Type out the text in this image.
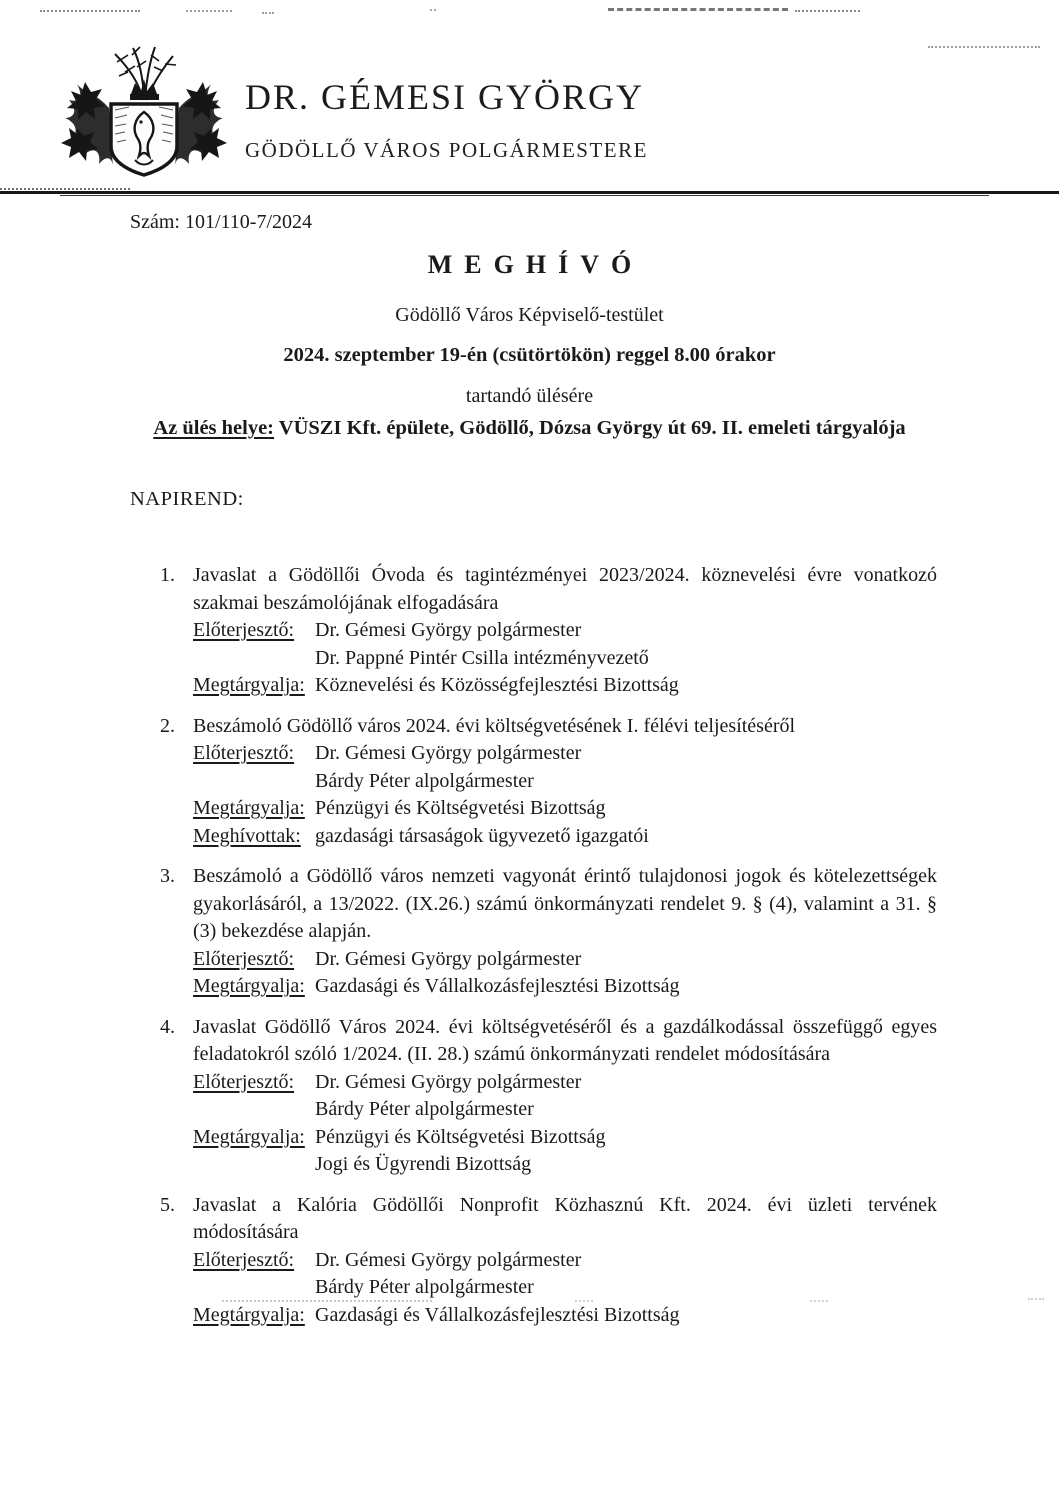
DR. GÉMESI GYÖRGY
GÖDÖLLŐ VÁROS POLGÁRMESTERE
Szám: 101/110-7/2024
MEGHÍVÓ
Gödöllő Város Képviselő-testület
2024. szeptember 19-én (csütörtökön) reggel 8.00 órakor
tartandó ülésére
Az ülés helye: VÜSZI Kft. épülete, Gödöllő, Dózsa György út 69. II. emeleti tárgyalója
NAPIREND:
1. Javaslat a Gödöllői Óvoda és tagintézményei 2023/2024. köznevelési évre vonatkozó szakmai beszámolójának elfogadására
Előterjesztő:	Dr. Gémesi György polgármester
Dr. Pappné Pintér Csilla intézményvezető
Megtárgyalja: Köznevelési és Közösségfejlesztési Bizottság
2. Beszámoló Gödöllő város 2024. évi költségvetésének I. félévi teljesítéséről
Előterjesztő:	Dr. Gémesi György polgármester
Bárdy Péter alpolgármester
Megtárgyalja: Pénzügyi és Költségvetési Bizottság
Meghívottak: gazdasági társaságok ügyvezető igazgatói
3. Beszámoló a Gödöllő város nemzeti vagyonát érintő tulajdonosi jogok és kötelezettségek gyakorlásáról, a 13/2022. (IX.26.) számú önkormányzati rendelet 9. § (4), valamint a 31. § (3) bekezdése alapján.
Előterjesztő:	Dr. Gémesi György polgármester
Megtárgyalja: Gazdasági és Vállalkozásfejlesztési Bizottság
4. Javaslat Gödöllő Város 2024. évi költségvetéséről és a gazdálkodással összefüggő egyes feladatokról szóló 1/2024. (II. 28.) számú önkormányzati rendelet módosítására
Előterjesztő:	Dr. Gémesi György polgármester
Bárdy Péter alpolgármester
Megtárgyalja: Pénzügyi és Költségvetési Bizottság
Jogi és Ügyrendi Bizottság
5. Javaslat a Kalória Gödöllői Nonprofit Közhasznú Kft. 2024. évi üzleti tervének módosítására
Előterjesztő:	Dr. Gémesi György polgármester
Bárdy Péter alpolgármester
Megtárgyalja: Gazdasági és Vállalkozásfejlesztési Bizottság
